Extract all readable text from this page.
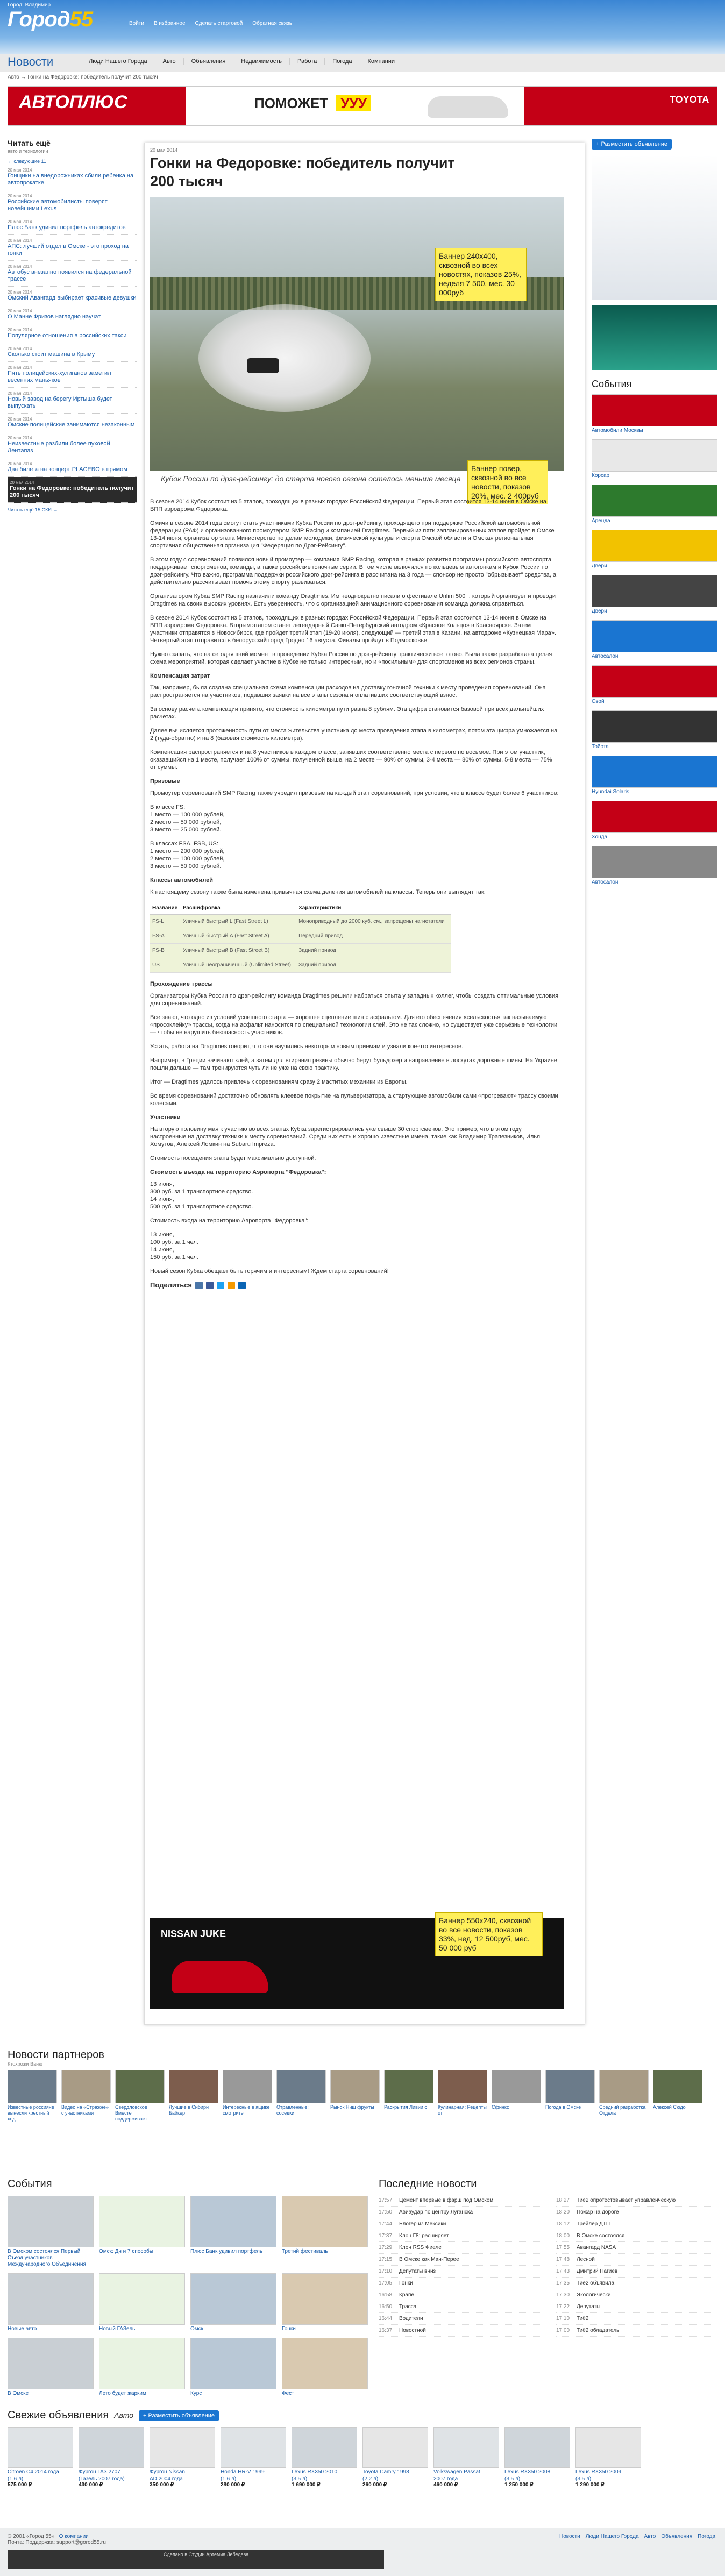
Город: Владимир
Город55	Войти В избранное Сделать стартовой Обратная связь
Новости	Люди Нашего Города	Авто	Объявления	Недвижимость	Работа	Погода	Компании
Авто → Гонки на Федоровке: победитель получит 200 тысяч
АВТОПЛЮС	ПОМОЖЕТ УУУ	TOYOTA
Читать ещё
авто и технологии
← следующие 11
20 мая 2014
Гонщики на внедорожниках сбили ребенка на автопрокатке
20 мая 2014
Российские автомобилисты поверят новейшими Lexus
20 мая 2014
Плюс Банк удивил портфель автокредитов
20 мая 2014
АПС: лучший отдел в Омске - это проход на гонки
20 мая 2014
Автобус внезапно появился на федеральной трассе
20 мая 2014
Омский Авангард выбирает красивые девушки
20 мая 2014
О Манне Фризов наглядно научат
20 мая 2014
Популярное отношения в российских такси
20 мая 2014
Сколько стоит машина в Крыму
20 мая 2014
Пять полицейских-хулиганов заметил весенних маньяков
20 мая 2014
Новый завод на берегу Иртыша будет выпускать
20 мая 2014
Омские полицейские занимаются незаконным
20 мая 2014
Неизвестные разбили более пуховой Лентапаз
20 мая 2014
Два билета на концерт PLACEBO в прямом
20 мая 2014
Гонки на Федоровке: победитель получит 200 тысяч
Читать ещё 15 СКИ →
20 мая 2014
Гонки на Федоровке: победитель получит 200 тысяч
Кубок России по дрэг-рейсингу: до старта нового сезона осталось меньше месяца
Баннер 240х400, сквозной во всех новостях, показов 25%, неделя 7 500, мес. 30 000руб
Баннер повер, сквозной во все новости, показов 20%, мес. 2 400руб

В сезоне 2014 Кубок состоит из 5 этапов, проходящих в разных городах Российской Федерации. Первый этап состоится 13-14 июня в Омске на ВПП аэродрома Федоровка.

Омичи в сезоне 2014 года смогут стать участниками Кубка России по дрэг-рейсингу, проходящего при поддержке Российской автомобильной федерации (РАФ) и организованного промоутером SMP Racing и компанией Dragtimes. Первый из пяти запланированных этапов пройдет в Омске 13-14 июня, организатор этапа Министерство по делам молодежи, физической культуры и спорта Омской области и Омская региональная спортивная общественная организация "Федерация по Дрэг-Рейсингу".

В этом году с соревнований появился новый промоутер — компания SMP Racing, которая в рамках развития программы российского автоспорта поддерживает спортсменов, команды, а также российские гоночные серии. В том числе включился по кольцевым автогонкам и Кубок России по дрэг-рейсингу. Что важно, программа поддержки российского дрэг-рейсинга в рассчитана на 3 года — спонсор не просто "обрызывает" средства, а действительно рассчитывает помочь этому спорту развиваться.

Организатором Кубка SMP Racing назначили команду Dragtimes. Им неоднократно писали о фестивале Unlim 500+, который организует и проводит Dragtimes на своих высоких уровнях. Есть уверенность, что с организацией анимационного соревнования команда должна справиться.

В сезоне 2014 Кубок состоит из 5 этапов, проходящих в разных городах Российской Федерации. Первый этап состоится 13-14 июня в Омске на ВПП аэродрома Федоровка. Вторым этапом станет легендарный Санкт-Петербургский автодром «Красное Кольцо» в Красноярске. Затем участники отправятся в Новосибирск, где пройдет третий этап (19-20 июля), следующий — третий этап в Казани, на автодроме «Кузнецкая Мара». Четвертый этап отправится в белорусский город Гродно 16 августа. Финалы пройдут в Подмосковье.

Нужно сказать, что на сегодняшний момент в проведении Кубка России по дрэг-рейсингу практически все готово. Была также разработана целая схема мероприятий, которая сделает участие в Кубке не только интересным, но и «посильным» для спортсменов из всех регионов страны.

Компенсация затрат

Так, например, была создана специальная схема компенсации расходов на доставку гоночной техники к месту проведения соревнований. Она распространяется на участников, подавших заявки на все этапы сезона и оплативших соответствующий взнос.

За основу расчета компенсации принято, что стоимость километра пути равна 8 рублям. Эта цифра становится базовой при всех дальнейших расчетах.

Далее вычисляется протяженность пути от места жительства участника до места проведения этапа в километрах, потом эта цифра умножается на 2 (туда-обратно) и на 8 (базовая стоимость километра).

Компенсация распространяется и на 8 участников в каждом классе, занявших соответственно места с первого по восьмое. При этом участник, оказавшийся на 1 месте, получает 100% от суммы, полученной выше, на 2 месте — 90% от суммы, 3-4 места — 80% от суммы, 5-8 места — 75% от суммы.

Призовые

Промоутер соревнований SMP Racing также учредил призовые на каждый этап соревнований, при условии, что в классе будет более 6 участников:

В классе FS:
1 место — 100 000 рублей,
2 место — 50 000 рублей,
3 место — 25 000 рублей.

В классах FSA, FSB, US:
1 место — 200 000 рублей,
2 место — 100 000 рублей,
3 место — 50 000 рублей.

Классы автомобилей

К настоящему сезону также была изменена привычная схема деления автомобилей на классы. Теперь они выглядят так:

Название	Расшифровка	Характеристики
FS-L	Уличный быстрый L (Fast Street L)	Моноприводный до 2000 куб. см., запрещены нагнетатели
FS-A	Уличный быстрый А (Fast Street A)	Передний привод
FS-B	Уличный быстрый В (Fast Street B)	Задний привод
US	Уличный неограниченный (Unlimited Street)	Задний привод
Прохождение трассы

Организаторы Кубка России по дрэг-рейсингу команда Dragtimes решили набраться опыта у западных коллег, чтобы создать оптимальные условия для соревнований.

Все знают, что одно из условий успешного старта — хорошее сцепление шин с асфальтом. Для его обеспечения «сельскость» так называемую «просоклейку» трассы, когда на асфальт наносится по специальной технологии клей. Это не так сложно, но существует уже серьёзные технологии — чтобы не нарушить безопасность участников.

Устать, работа на Dragtimes говорит, что они научились некоторым новым приемам и узнали кое-что интересное.

Например, в Греции начинают клей, а затем для втирания резины обычно берут бульдозер и направление в лоскутах дорожные шины. На Украине пошли дальше — там тренируются чуть ли не уже на свою практику.

Итог — Dragtimes удалось привлечь к соревнованиям сразу 2 маститых механики из Европы.

Во время соревнований достаточно обновлять клеевое покрытие на пульверизатора, а стартующие автомобили сами «прогревают» трассу своими колесами.

Участники

На вторую половину мая к участию во всех этапах Кубка зарегистрировались уже свыше 30 спортсменов. Это пример, что в этом году настроенные на доставку техники к месту соревнований. Среди них есть и хорошо известные имена, такие как Владимир Трапезников, Илья Хомутов, Алексей Ломкин на Subaru Impreza.

Стоимость посещения этапа будет максимально доступной.

Стоимость въезда на территорию Аэропорта "Федоровка":

13 июня,
300 руб. за 1 транспортное средство.
14 июня,
500 руб. за 1 транспортное средство.

Стоимость входа на территорию Аэропорта "Федоровка":

13 июня,
100 руб. за 1 чел.
14 июня,
150 руб. за 1 чел.

Новый сезон Кубка обещает быть горячим и интересным! Ждем старта соревнований!

Поделиться
NISSAN JUKE
Баннер 550х240, сквозной во все новости, показов 33%, нед. 12 500руб, мес. 50 000 руб
+ Разместить объявление
События
Автомобили Москвы
Корсар
Аренда
Двери
Двери
Автосалон
Свой
Тойота
Hyundai Solaris
Хонда
Автосалон
Новости партнеров
Ктохрожи Ваню
Известные россияне вынесли крестный ход
Видео на «Стражне» с участниками
Свердловское Вместе поддерживает
Лучшие в Сибири Байкер
Интересные в ящике смотрите
Отравленные: соседки
Рынок Ниш фрукты	Раскрытия Ливии с	Кулинарная: Рецепты от
Сфинкс	Погода в Омске	Средний разработка Отдела
Алексей Сюдо
События
В Омском состоялся Первый Съезд участников Международного Объединения
Омск: Дн и 7 способы	Плюс Банк удивил портфель	Третий фестиваль
Новые авто	Новый ГАЗель	Омск	Гонки
В Омске	Лето будет жарким	Курс	Фест
Последние новости
17:57	Цемент впервые в фарш под Омском
17:50	Авиаудар по центру Луганска
17:44	Блогер из Мексики
17:37	Клон Г8: расширяет
17:29	Клон RSS Фиеле
17:15	В Омске как Ман-Перее
17:10	Депутаты вниз
17:05	Гонки
16:58	Крапе
16:50	Трасса
16:44	Водители
16:37	Новостной
18:27	Тиё2 опротестовывает управленческую
18:20	Пожар на дороге
18:12	Трейлер ДТП
18:00	В Омске состоялся
17:55	Авангард NASA
17:48	Лесной
17:43	Дмитрий Нагиев
17:35	Тиё2 объявила
17:30	Экологически
17:22	Депутаты
17:10	Тиё2
17:00	Тиё2 обладатель
Свежие объявления Авто	+ Разместить объявление
Citroen C4 2014 года
(1.6 л)
575 000 ₽
Фургон ГАЗ 2707
(Газель 2007 года)
430 000 ₽
Фургон Nissan
AD 2004 года
350 000 ₽
Honda HR-V 1999
(1.6 л)
280 000 ₽
Lexus RX350 2010
(3.5 л)
1 690 000 ₽
Toyota Camry 1998
(2.2 л)
260 000 ₽
Volkswagen Passat
2007 года
460 000 ₽
Lexus RX350 2008
(3.5 л)
1 250 000 ₽
Lexus RX350 2009
(3.5 л)
1 290 000 ₽
© 2001 «Город 55» О компании
Почта: Поддержка: support@gorod55.ru
Новости Люди Нашего Города Авто Объявления Погода
Сделано в Студии Артемия Лебедева
